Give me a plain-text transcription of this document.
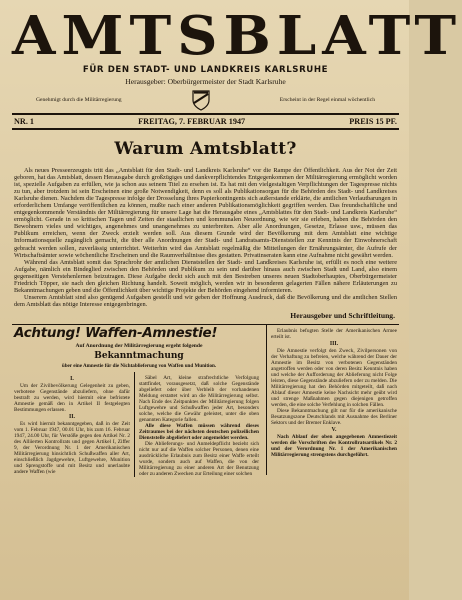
AMTSBLATT
FÜR DEN STADT- UND LANDKREIS KARLSRUHE
Herausgeber: Oberbürgermeister der Stadt Karlsruhe
Genehmigt durch die Militärregierung	Erscheint in der Regel einmal wöchentlich
NR. 1	FREITAG, 7. FEBRUAR 1947	PREIS 15 PF.
Warum Amtsblatt?

Als neues Presseerzeugnis tritt das „Amtsblatt für den Stadt- und Landkreis Karlsruhe“ vor die Rampe der Öffentlichkeit. Aus der Not der Zeit geboren, hat das Amtsblatt, dessen Herausgabe durch großzügiges und dankverpflichtendes Entgegenkommen der Militärregierung ermöglicht worden ist, spezielle Aufgaben zu erfüllen, wie ja schon aus seinem Titel zu ersehen ist. Es hat mit den vielgestaltigen Verpflichtungen der Tagespresse nichts zu tun, aber trotzdem ist sein Erscheinen eine große Notwendigkeit, denn es soll als Publikationsorgan für die Behörden des Stadt- und Landkreises Karlsruhe dienen. Nachdem die Tagespresse infolge der Drosselung ihres Papierkontingents sich außerstande erklärte, die amtlichen Verlautbarungen in erforderlichem Umfange veröffentlichen zu können, mußte nach einer anderen Publikationsmöglichkeit gegriffen werden. Das freundschaftliche und entgegenkommende Verständnis der Militärregierung für unsere Lage hat die Herausgabe eines „Amtsblattes für den Stadt- und Landkreis Karlsruhe“ ermöglicht. Gerade in so kritischen Tagen und Zeiten der staatlichen und kommunalen Neuordnung, wie wir sie erleben, haben die Behörden den Bewohnern vieles und wichtiges, angenehmes und unangenehmes zu unterbreiten. Aber alle Anordnungen, Gesetze, Erlasse usw., müssen das Publikum erreichen, wenn der Zweck erzielt werden soll. Aus diesem Grunde wird der Bevölkerung mit dem Amtsblatt eine wichtige Informationsquelle zugänglich gemacht, die über alle Anordnungen der Stadt- und Landratsamts-Dienststellen zur Kenntnis der Einwohnerschaft gebracht werden sollen, zuverlässig unterrichtet. Weiterhin wird das Amtsblatt regelmäßig die Mitteilungen der Ernährungsämter, die Aufrufe der Wirtschaftsämter sowie wöchentliche Erscheinen und die Raumverhältnisse dies gestatten. Privatinseraten kann eine Aufnahme nicht gewährt werden.

Während das Amtsblatt somit das Sprachrohr der amtlichen Dienststellen der Stadt- und Landkreises Karlsruhe ist, erfüllt es noch eine weitere Aufgabe, nämlich ein Bindeglied zwischen den Behörden und Publikum zu sein und darüber hinaus auch zwischen Stadt und Land, also einem gegenseitigen Verstehenlernen beizutragen. Diese Aufgabe deckt sich auch mit den Bestreben unseres neuen Stadtoberhauptes, Oberbürgermeister Friedrich Töpper, sie nach den gleichen Richtung handelt. Soweit möglich, werden wir in besonderen gelagerten Fällen nähere Erläuterungen zu Bekanntmachungen geben und die Öffentlichkeit über wichtige Projekte der Behörden eingehend informieren.

Unserem Amtsblatt sind also genügend Aufgaben gestellt und wir geben der Hoffnung Ausdruck, daß die Bevölkerung und die amtlichen Stellen dem Amtsblatt das nötige Interesse entgegenbringen.

Herausgeber und Schriftleitung.
Achtung! Waffen-Amnestie!
Auf Anordnung der Militärregierung ergeht folgende
Bekanntmachung
über eine Amnestie für die Nichtablieferung von Waffen und Munition.
I.

Um der Zivilbevölkerung Gelegenheit zu geben, verbotene Gegenstände abzuliefern, ohne dafür bestraft zu werden, wird hiermit eine befristete Amnestie gemäß den in Artikel II festgelegten Bestimmungen erlassen.

II.

Es wird hiermit bekanntgegeben, daß in der Zeit vom 1. Februar 1947, 00.01 Uhr, bis zum 16. Februar 1947, 24.00 Uhr, für Verstöße gegen den Artikel Nr. 2 des Alliierten Kontrollrats und gegen Artikel I, Ziffer 9, der Verordnung Nr. 1 der Amerikanischen Militärregierung hinsichtlich Schußwaffen aller Art, einschließlich Jagdgewehre, Luftgewehre, Munition und Sprengstoffe und mit Besitz und unerlaubte andere Waffen (wie

Säbel Art, kleine strafrechtliche Verfolgung stattfindet, vorausgesetzt, daß solche Gegenstände abgeliefert oder über Verbleib der vorhandenen Meldung erstattet wird an die Militärregierung selbst. Nach Ende des Zeitpunktes der Militärregierung folgen Luftgewehre und Schußwaffen jeder Art, besonders solche, welche die Gewähr geleistet, unter die oben genannten Kategorie fallen.

Alle diese Waffen müssen während dieses Zeitraumes bei der nächsten deutschen polizeilichen Dienststelle abgeliefert oder angemeldet werden.

Die Ablieferungs- und Anmeldepflicht bezieht sich nicht nur auf die Waffen solcher Personen, denen eine ausdrückliche Erlaubnis zum Besitz einer Waffe erteilt wurde, sondern auch auf Waffen, die von der Militärregierung zu einer anderen Art der Benutzung oder zu anderen Zwecken zur Erteilung einer solchen

Erlaubnis befugten Stelle der Amerikanischen Armee erteilt ist.

III.

Die Amnestie verfolgt den Zweck, Zivilpersonen von der Verhaftung zu befreien, welche während der Dauer der Amnestie im Besitz von verbotenen Gegenständen angetroffen werden oder von deren Besitz Kenntnis haben und welche der Aufforderung der Ablieferung nicht Folge leisten, diese Gegenstände abzuliefern oder zu melden. Die Militärregierung hat den Behörden mitgeteilt, daß nach Ablauf dieser Amnestie keine Nachsicht mehr geübt wird und strenge Maßnahmen gegen diejenigen getroffen werden, die eine solche Verfehlung in solchen Fällen.

Diese Bekanntmachung gilt nur für die amerikanische Besatzungszone Deutschlands mit Ausnahme des Berliner Sektors und der Bremer Enklave.

V.

Nach Ablauf der oben angegebenen Amnestiezeit werden die Vorschriften des Kontrollratsartikels Nr. 2 und der Verordnung Nr. 1 der Amerikanischen Militärregierung strengstens durchgeführt.
